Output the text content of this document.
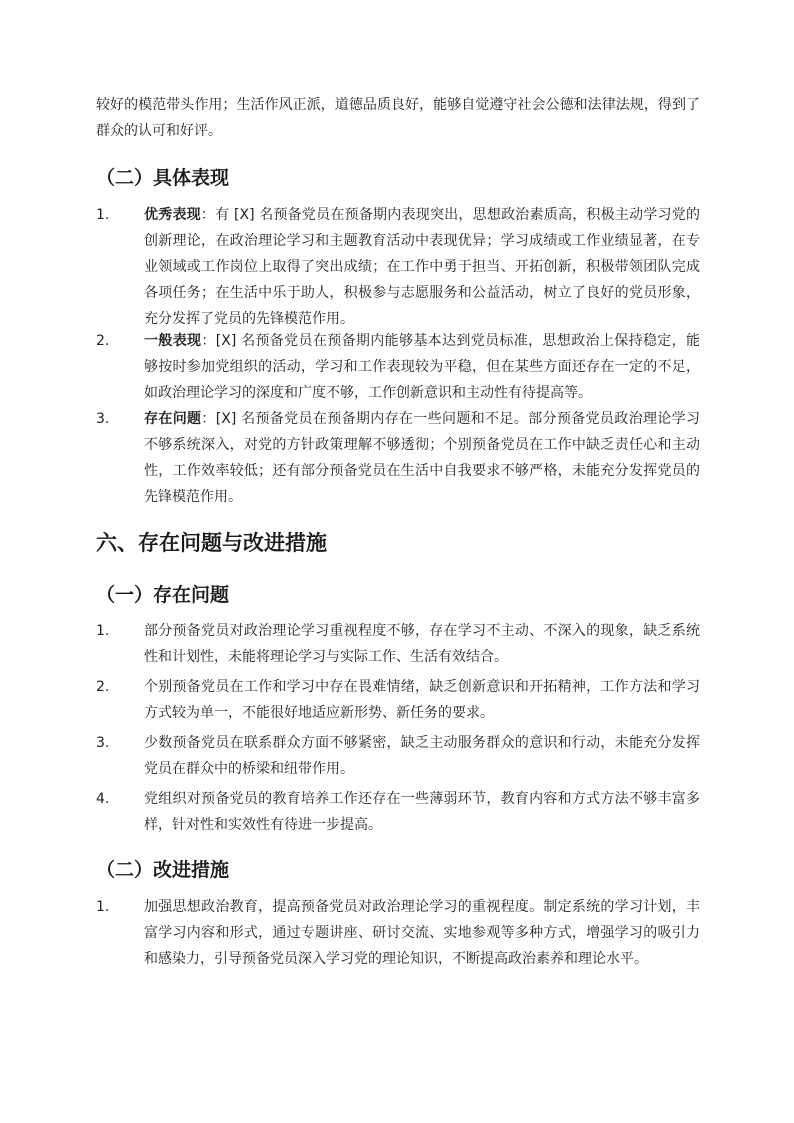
较好的模范带头作用；生活作风正派，道德品质良好，能够自觉遵守社会公德和法律法规，得到了群众的认可和好评。

（二）具体表现
1.	优秀表现：有 [X] 名预备党员在预备期内表现突出，思想政治素质高，积极主动学习党的创新理论，在政治理论学习和主题教育活动中表现优异；学习成绩或工作业绩显著，在专业领域或工作岗位上取得了突出成绩；在工作中勇于担当、开拓创新，积极带领团队完成各项任务；在生活中乐于助人，积极参与志愿服务和公益活动，树立了良好的党员形象，充分发挥了党员的先锋模范作用。
2.	一般表现：[X] 名预备党员在预备期内能够基本达到党员标准，思想政治上保持稳定，能够按时参加党组织的活动，学习和工作表现较为平稳，但在某些方面还存在一定的不足，如政治理论学习的深度和广度不够，工作创新意识和主动性有待提高等。
3.	存在问题：[X] 名预备党员在预备期内存在一些问题和不足。部分预备党员政治理论学习不够系统深入，对党的方针政策理解不够透彻；个别预备党员在工作中缺乏责任心和主动性，工作效率较低；还有部分预备党员在生活中自我要求不够严格，未能充分发挥党员的先锋模范作用。
六、存在问题与改进措施
（一）存在问题
1.	部分预备党员对政治理论学习重视程度不够，存在学习不主动、不深入的现象，缺乏系统性和计划性，未能将理论学习与实际工作、生活有效结合。
2.	个别预备党员在工作和学习中存在畏难情绪，缺乏创新意识和开拓精神，工作方法和学习方式较为单一，不能很好地适应新形势、新任务的要求。
3.	少数预备党员在联系群众方面不够紧密，缺乏主动服务群众的意识和行动，未能充分发挥党员在群众中的桥梁和纽带作用。
4.	党组织对预备党员的教育培养工作还存在一些薄弱环节，教育内容和方式方法不够丰富多样，针对性和实效性有待进一步提高。
（二）改进措施
1.	加强思想政治教育，提高预备党员对政治理论学习的重视程度。制定系统的学习计划，丰富学习内容和形式，通过专题讲座、研讨交流、实地参观等多种方式，增强学习的吸引力和感染力，引导预备党员深入学习党的理论知识，不断提高政治素养和理论水平。
